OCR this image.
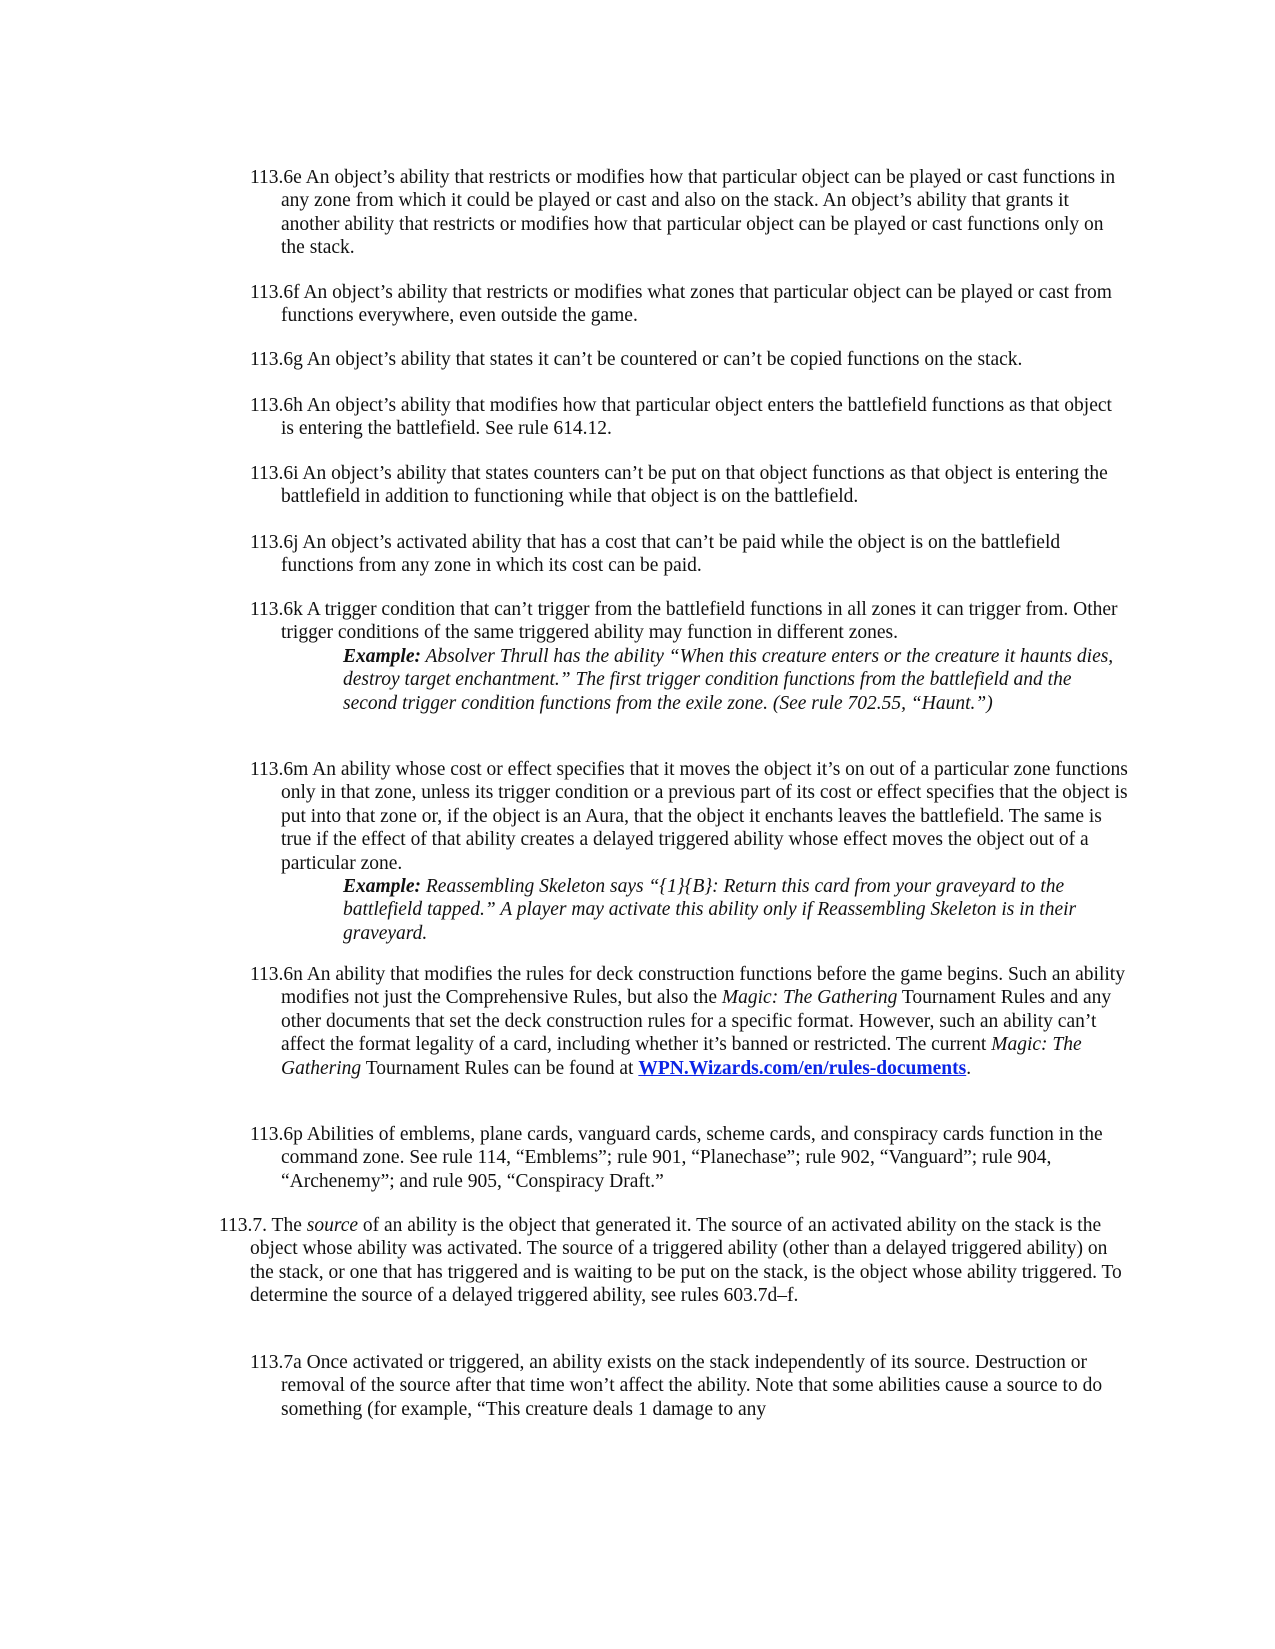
113.6e An object’s ability that restricts or modifies how that particular object can be played or cast functions in any zone from which it could be played or cast and also on the stack. An object’s ability that grants it another ability that restricts or modifies how that particular object can be played or cast functions only on the stack.

113.6f An object’s ability that restricts or modifies what zones that particular object can be played or cast from functions everywhere, even outside the game.

113.6g An object’s ability that states it can’t be countered or can’t be copied functions on the stack.

113.6h An object’s ability that modifies how that particular object enters the battlefield functions as that object is entering the battlefield. See rule 614.12.

113.6i An object’s ability that states counters can’t be put on that object functions as that object is entering the battlefield in addition to functioning while that object is on the battlefield.

113.6j An object’s activated ability that has a cost that can’t be paid while the object is on the battlefield functions from any zone in which its cost can be paid.

113.6k A trigger condition that can’t trigger from the battlefield functions in all zones it can trigger from. Other trigger conditions of the same triggered ability may function in different zones.
Example: Absolver Thrull has the ability “When this creature enters or the creature it haunts dies, destroy target enchantment.” The first trigger condition functions from the battlefield and the second trigger condition functions from the exile zone. (See rule 702.55, “Haunt.”)

113.6m An ability whose cost or effect specifies that it moves the object it’s on out of a particular zone functions only in that zone, unless its trigger condition or a previous part of its cost or effect specifies that the object is put into that zone or, if the object is an Aura, that the object it enchants leaves the battlefield. The same is true if the effect of that ability creates a delayed triggered ability whose effect moves the object out of a particular zone.
Example: Reassembling Skeleton says “{1}{B}: Return this card from your graveyard to the battlefield tapped.” A player may activate this ability only if Reassembling Skeleton is in their graveyard.

113.6n An ability that modifies the rules for deck construction functions before the game begins. Such an ability modifies not just the Comprehensive Rules, but also the Magic: The Gathering Tournament Rules and any other documents that set the deck construction rules for a specific format. However, such an ability can’t affect the format legality of a card, including whether it’s banned or restricted. The current Magic: The Gathering Tournament Rules can be found at WPN.Wizards.com/en/rules-documents.

113.6p Abilities of emblems, plane cards, vanguard cards, scheme cards, and conspiracy cards function in the command zone. See rule 114, “Emblems”; rule 901, “Planechase”; rule 902, “Vanguard”; rule 904, “Archenemy”; and rule 905, “Conspiracy Draft.”

113.7. The source of an ability is the object that generated it. The source of an activated ability on the stack is the object whose ability was activated. The source of a triggered ability (other than a delayed triggered ability) on the stack, or one that has triggered and is waiting to be put on the stack, is the object whose ability triggered. To determine the source of a delayed triggered ability, see rules 603.7d–f.

113.7a Once activated or triggered, an ability exists on the stack independently of its source. Destruction or removal of the source after that time won’t affect the ability. Note that some abilities cause a source to do something (for example, “This creature deals 1 damage to any
